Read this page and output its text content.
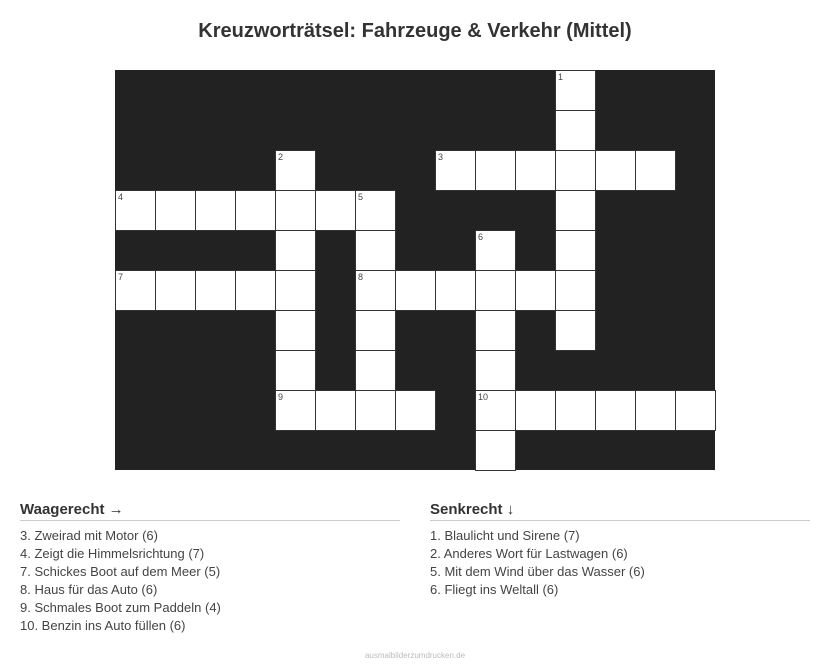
Kreuzworträtsel: Fahrzeuge & Verkehr (Mittel)
1
2	3
4	5
6
7	8
9	10
Waagerecht →
3. Zweirad mit Motor (6)
4. Zeigt die Himmelsrichtung (7)
7. Schickes Boot auf dem Meer (5)
8. Haus für das Auto (6)
9. Schmales Boot zum Paddeln (4)
10. Benzin ins Auto füllen (6)
Senkrecht ↓
1. Blaulicht und Sirene (7)
2. Anderes Wort für Lastwagen (6)
5. Mit dem Wind über das Wasser (6)
6. Fliegt ins Weltall (6)
ausmalbilderzumdrucken.de
